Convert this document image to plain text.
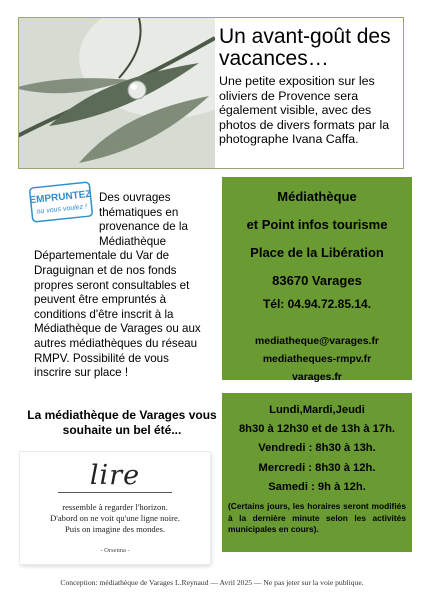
Un avant-goût des vacances…
Une petite exposition sur les oliviers de Provence sera également visible, avec des photos de divers formats par la photographe Ivana Caffa.
EMPRUNTEZ
ou vous voulez !
Des ouvrages
thématiques en
provenance de la
Médiathèque
Départementale du Var de Draguignan et de nos fonds propres seront consultables et peuvent être empruntés à conditions d'être inscrit à la Médiathèque de Varages ou aux autres médiathèques du réseau RMPV. Possibilité de vous inscrire sur place !
La médiathèque de Varages vous souhaite un bel été...
lire
ressemble à regarder l'horizon.
D'abord on ne voit qu'une ligne noire.
Puis on imagine des mondes.
- Orsenna -
Médiathèque
et Point infos tourisme
Place de la Libération
83670 Varages
Tél: 04.94.72.85.14.
mediatheque@varages.fr
mediatheques-rmpv.fr
varages.fr
Lundi,Mardi,Jeudi
8h30 à 12h30 et de 13h à 17h.
Vendredi : 8h30 à 13h.
Mercredi : 8h30 à 12h.
Samedi : 9h à 12h.
(Certains jours, les horaires seront modifiés à la dernière minute selon les activités municipales en cours).
Conception: médiathèque de Varages L.Reynaud — Avril 2025 — Ne pas jeter sur la voie publique.
